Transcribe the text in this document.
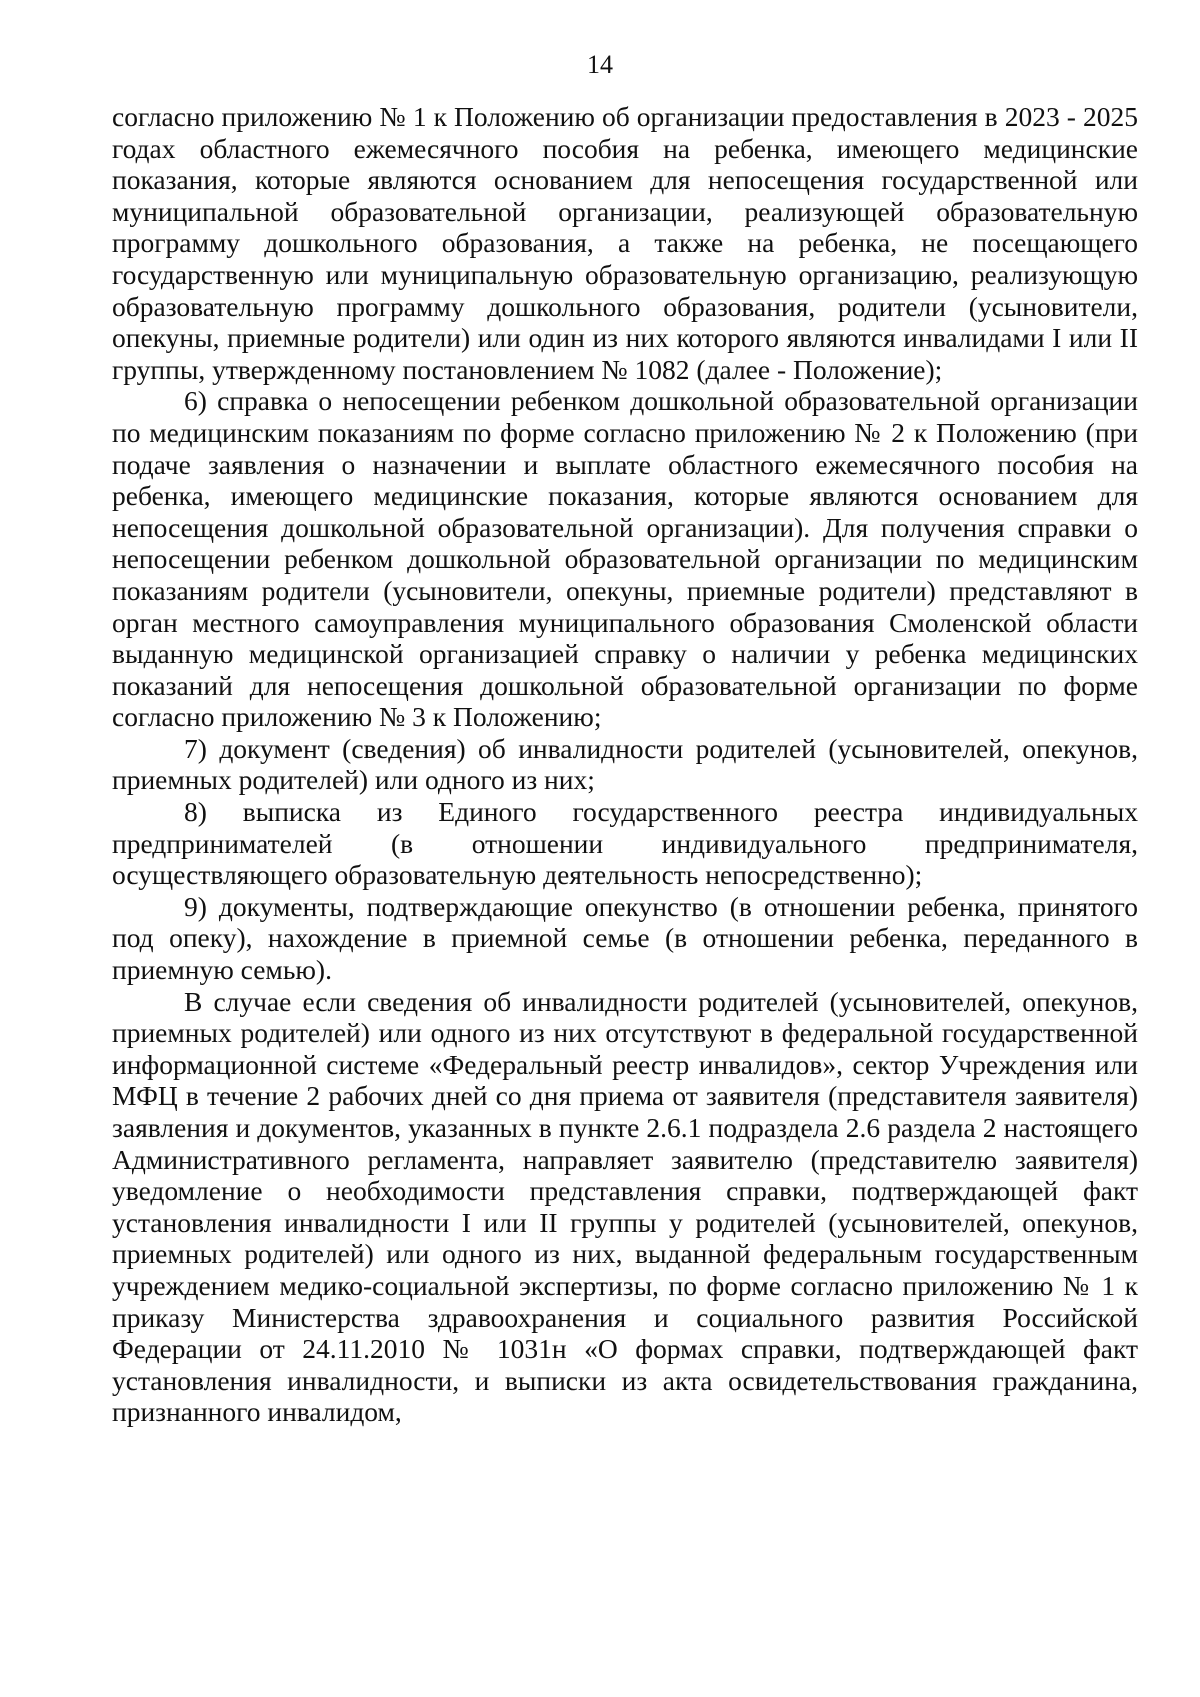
14

согласно приложению № 1 к Положению об организации предоставления в 2023 - 2025 годах областного ежемесячного пособия на ребенка, имеющего медицинские показания, которые являются основанием для непосещения государственной или муниципальной образовательной организации, реализующей образовательную программу дошкольного образования, а также на ребенка, не посещающего государственную или муниципальную образовательную организацию, реализующую образовательную программу дошкольного образования, родители (усыновители, опекуны, приемные родители) или один из них которого являются инвалидами I или II группы, утвержденному постановлением № 1082 (далее - Положение);

6) справка о непосещении ребенком дошкольной образовательной организации по медицинским показаниям по форме согласно приложению № 2 к Положению (при подаче заявления о назначении и выплате областного ежемесячного пособия на ребенка, имеющего медицинские показания, которые являются основанием для непосещения дошкольной образовательной организации). Для получения справки о непосещении ребенком дошкольной образовательной организации по медицинским показаниям родители (усыновители, опекуны, приемные родители) представляют в орган местного самоуправления муниципального образования Смоленской области выданную медицинской организацией справку о наличии у ребенка медицинских показаний для непосещения дошкольной образовательной организации по форме согласно приложению № 3 к Положению;

7) документ (сведения) об инвалидности родителей (усыновителей, опекунов, приемных родителей) или одного из них;

8) выписка из Единого государственного реестра индивидуальных предпринимателей (в отношении индивидуального предпринимателя, осуществляющего образовательную деятельность непосредственно);

9) документы, подтверждающие опекунство (в отношении ребенка, принятого под опеку), нахождение в приемной семье (в отношении ребенка, переданного в приемную семью).

В случае если сведения об инвалидности родителей (усыновителей, опекунов, приемных родителей) или одного из них отсутствуют в федеральной государственной информационной системе «Федеральный реестр инвалидов», сектор Учреждения или МФЦ в течение 2 рабочих дней со дня приема от заявителя (представителя заявителя) заявления и документов, указанных в пункте 2.6.1 подраздела 2.6 раздела 2 настоящего Административного регламента, направляет заявителю (представителю заявителя) уведомление о необходимости представления справки, подтверждающей факт установления инвалидности I или II группы у родителей (усыновителей, опекунов, приемных родителей) или одного из них, выданной федеральным государственным учреждением медико-социальной экспертизы, по форме согласно приложению № 1 к приказу Министерства здравоохранения и социального развития Российской Федерации от 24.11.2010 № 1031н «О формах справки, подтверждающей факт установления инвалидности, и выписки из акта освидетельствования гражданина, признанного инвалидом,
